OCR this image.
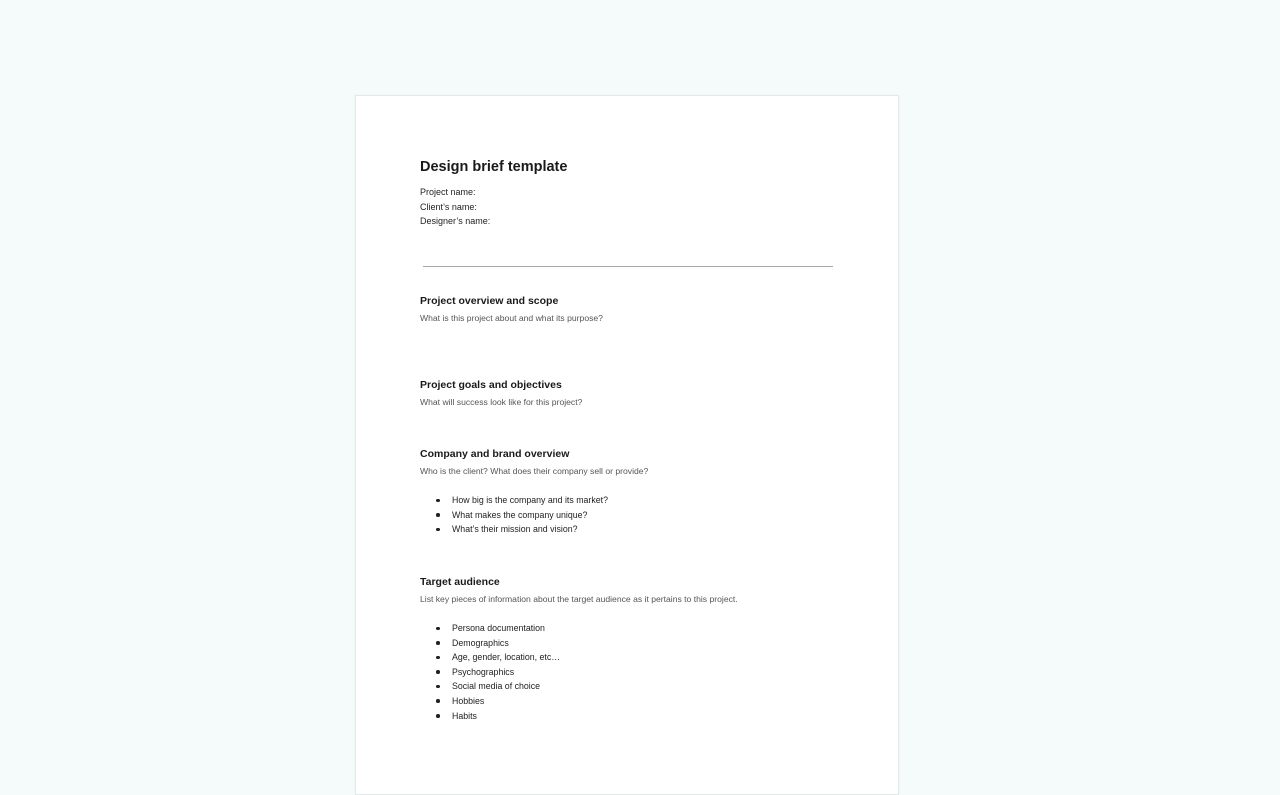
Design brief template
Project name:
Client’s name:
Designer’s name:
Project overview and scope
What is this project about and what its purpose?
Project goals and objectives
What will success look like for this project?
Company and brand overview
Who is the client? What does their company sell or provide?
How big is the company and its market?
What makes the company unique?
What’s their mission and vision?
Target audience
List key pieces of information about the target audience as it pertains to this project.
Persona documentation
Demographics
Age, gender, location, etc…
Psychographics
Social media of choice
Hobbies
Habits
